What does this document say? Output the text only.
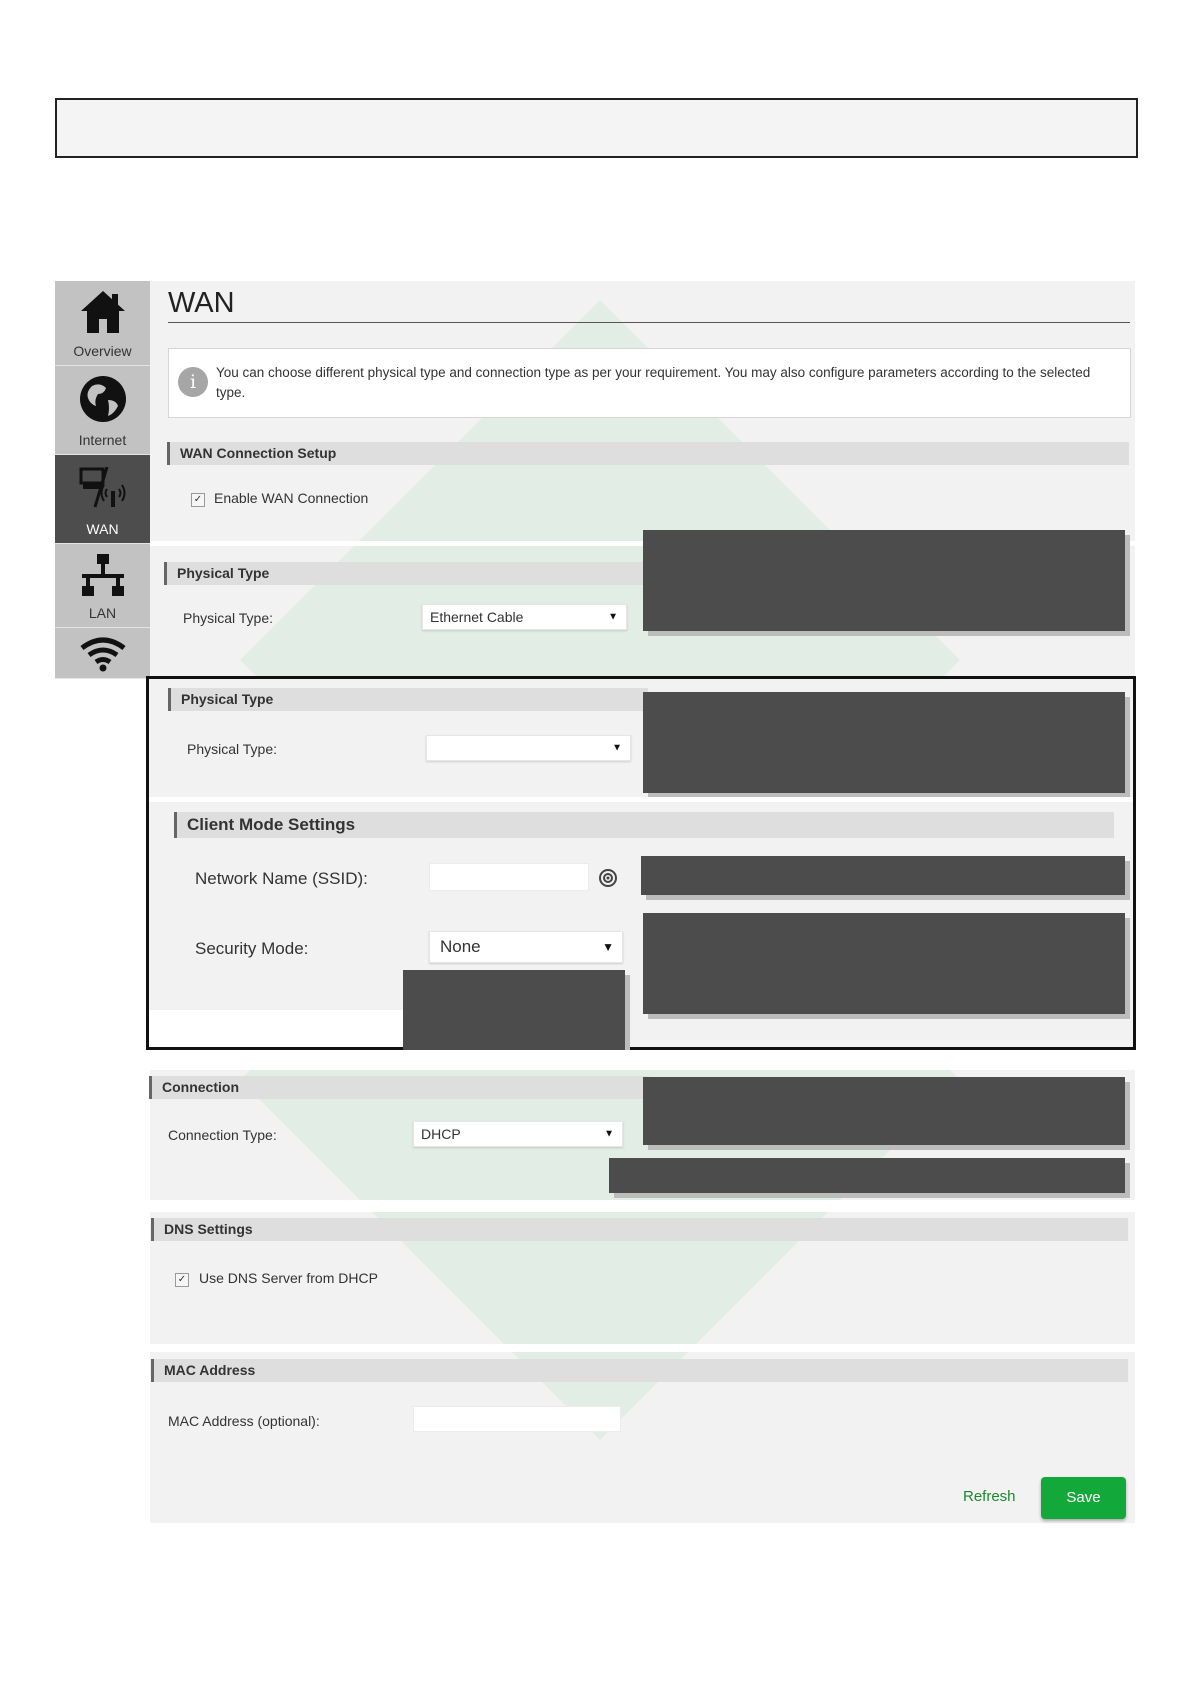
Overview
Internet
WAN
LAN
WAN
i	You can choose different physical type and connection type as per your requirement. You may also configure parameters according to the selected type.
WAN Connection Setup
✓ Enable WAN Connection
Physical Type
Physical Type:	Ethernet Cable	▼
Physical Type
Physical Type:	▼
Client Mode Settings
Network Name (SSID):
Security Mode:	None	▼
Connection
Connection Type:	DHCP	▼
DNS Settings
✓ Use DNS Server from DHCP
MAC Address
MAC Address (optional):
Refresh	Save
